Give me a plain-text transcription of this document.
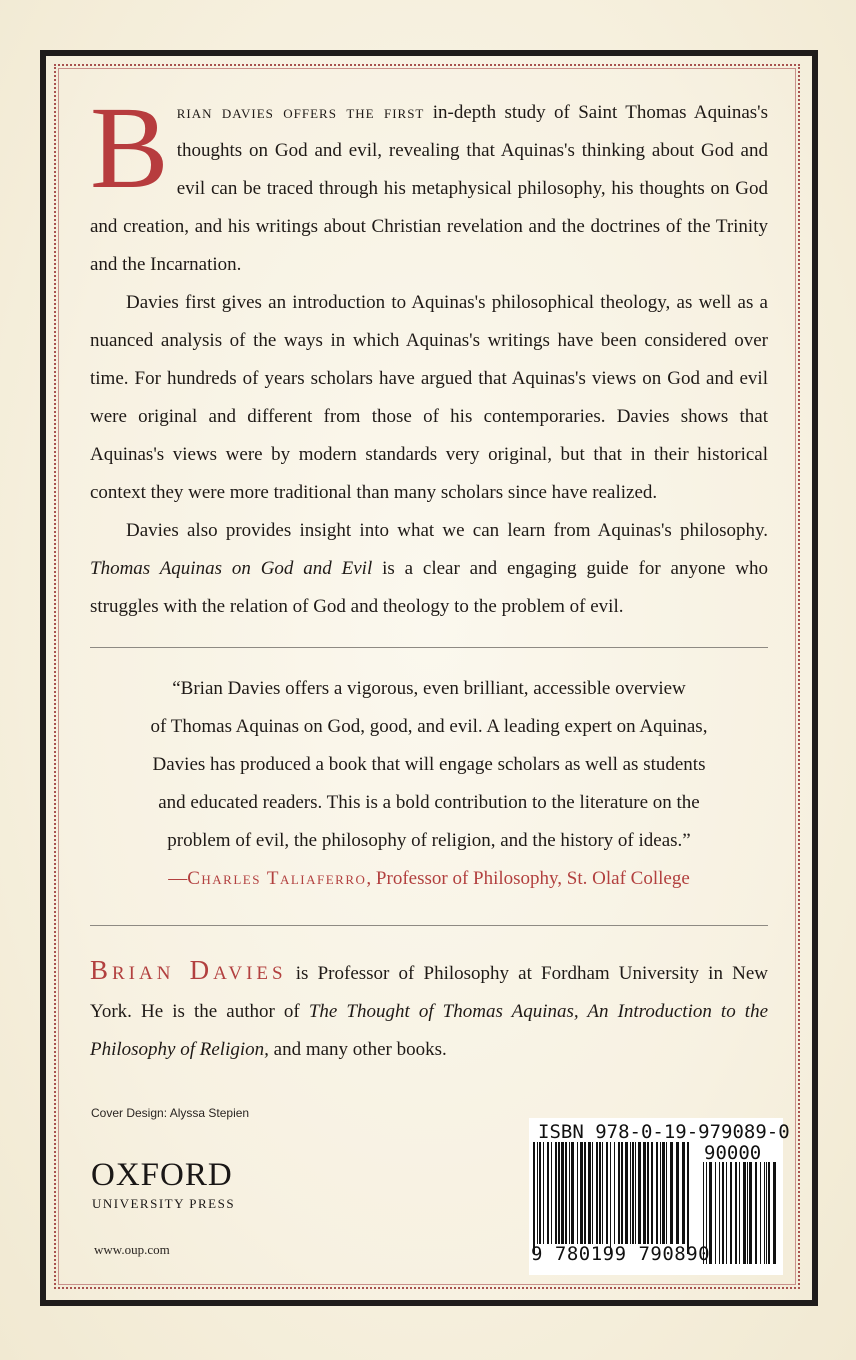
Brian davies offers the first in-depth study of Saint Thomas Aquinas's thoughts on God and evil, revealing that Aquinas's thinking about God and evil can be traced through his metaphysical philosophy, his thoughts on God and creation, and his writings about Christian revelation and the doctrines of the Trinity and the Incarnation.

Davies first gives an introduction to Aquinas's philosophical theology, as well as a nuanced analysis of the ways in which Aquinas's writings have been considered over time. For hundreds of years scholars have argued that Aquinas's views on God and evil were original and different from those of his contemporaries. Davies shows that Aquinas's views were by modern standards very original, but that in their historical context they were more traditional than many scholars since have realized.

Davies also provides insight into what we can learn from Aquinas's philosophy. Thomas Aquinas on God and Evil is a clear and engaging guide for anyone who struggles with the relation of God and theology to the problem of evil.

“Brian Davies offers a vigorous, even brilliant, accessible overview
of Thomas Aquinas on God, good, and evil. A leading expert on Aquinas,
Davies has produced a book that will engage scholars as well as students
and educated readers. This is a bold contribution to the literature on the
problem of evil, the philosophy of religion, and the history of ideas.”
—Charles Taliaferro, Professor of Philosophy, St. Olaf College
Brian Davies is Professor of Philosophy at Fordham University in New York. He is the author of The Thought of Thomas Aquinas, An Introduction to the Philosophy of Religion, and many other books.
Cover Design: Alyssa Stepien
OXFORD
UNIVERSITY PRESS
www.oup.com
ISBN 978-0-19-979089-0
90000
9 780199 790890
